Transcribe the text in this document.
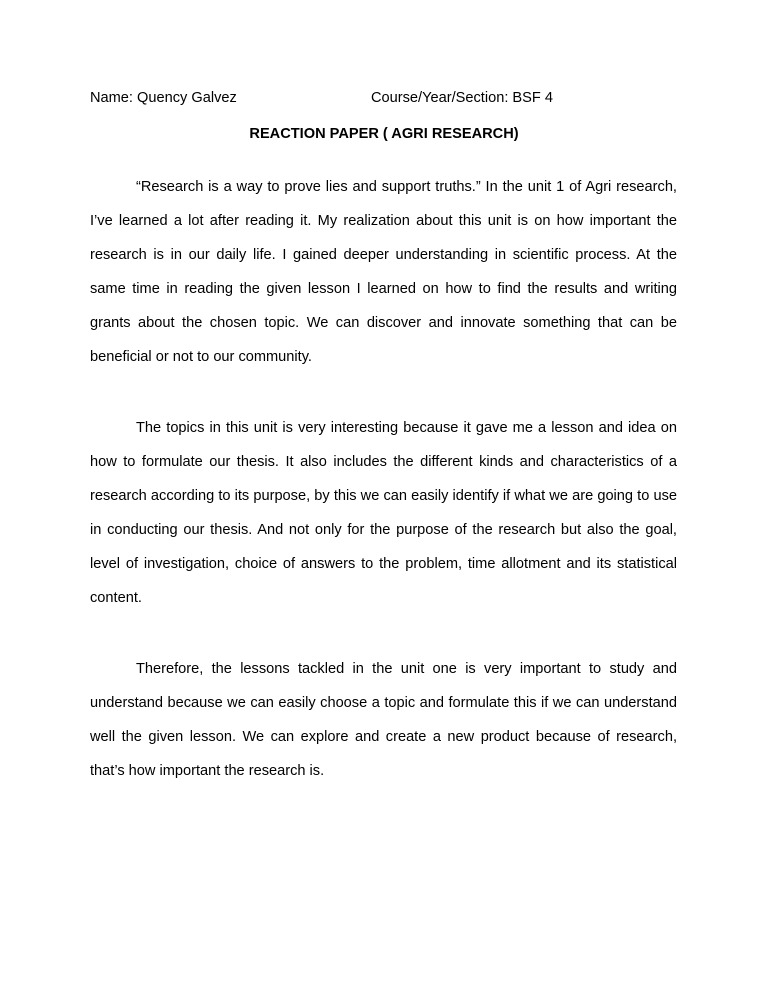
Name: Quency Galvez	Course/Year/Section: BSF 4
REACTION PAPER ( AGRI RESEARCH)

“Research is a way to prove lies and support truths.” In the unit 1 of Agri research, I’ve learned a lot after reading it. My realization about this unit is on how important the research is in our daily life. I gained deeper understanding in scientific process. At the same time in reading the given lesson I learned on how to find the results and writing grants about the chosen topic. We can discover and innovate something that can be beneficial or not to our community.

The topics in this unit is very interesting because it gave me a lesson and idea on how to formulate our thesis. It also includes the different kinds and characteristics of a research according to its purpose, by this we can easily identify if what we are going to use in conducting our thesis. And not only for the purpose of the research but also the goal, level of investigation, choice of answers to the problem, time allotment and its statistical content.

Therefore, the lessons tackled in the unit one is very important to study and understand because we can easily choose a topic and formulate this if we can understand well the given lesson. We can explore and create a new product because of research, that’s how important the research is.
